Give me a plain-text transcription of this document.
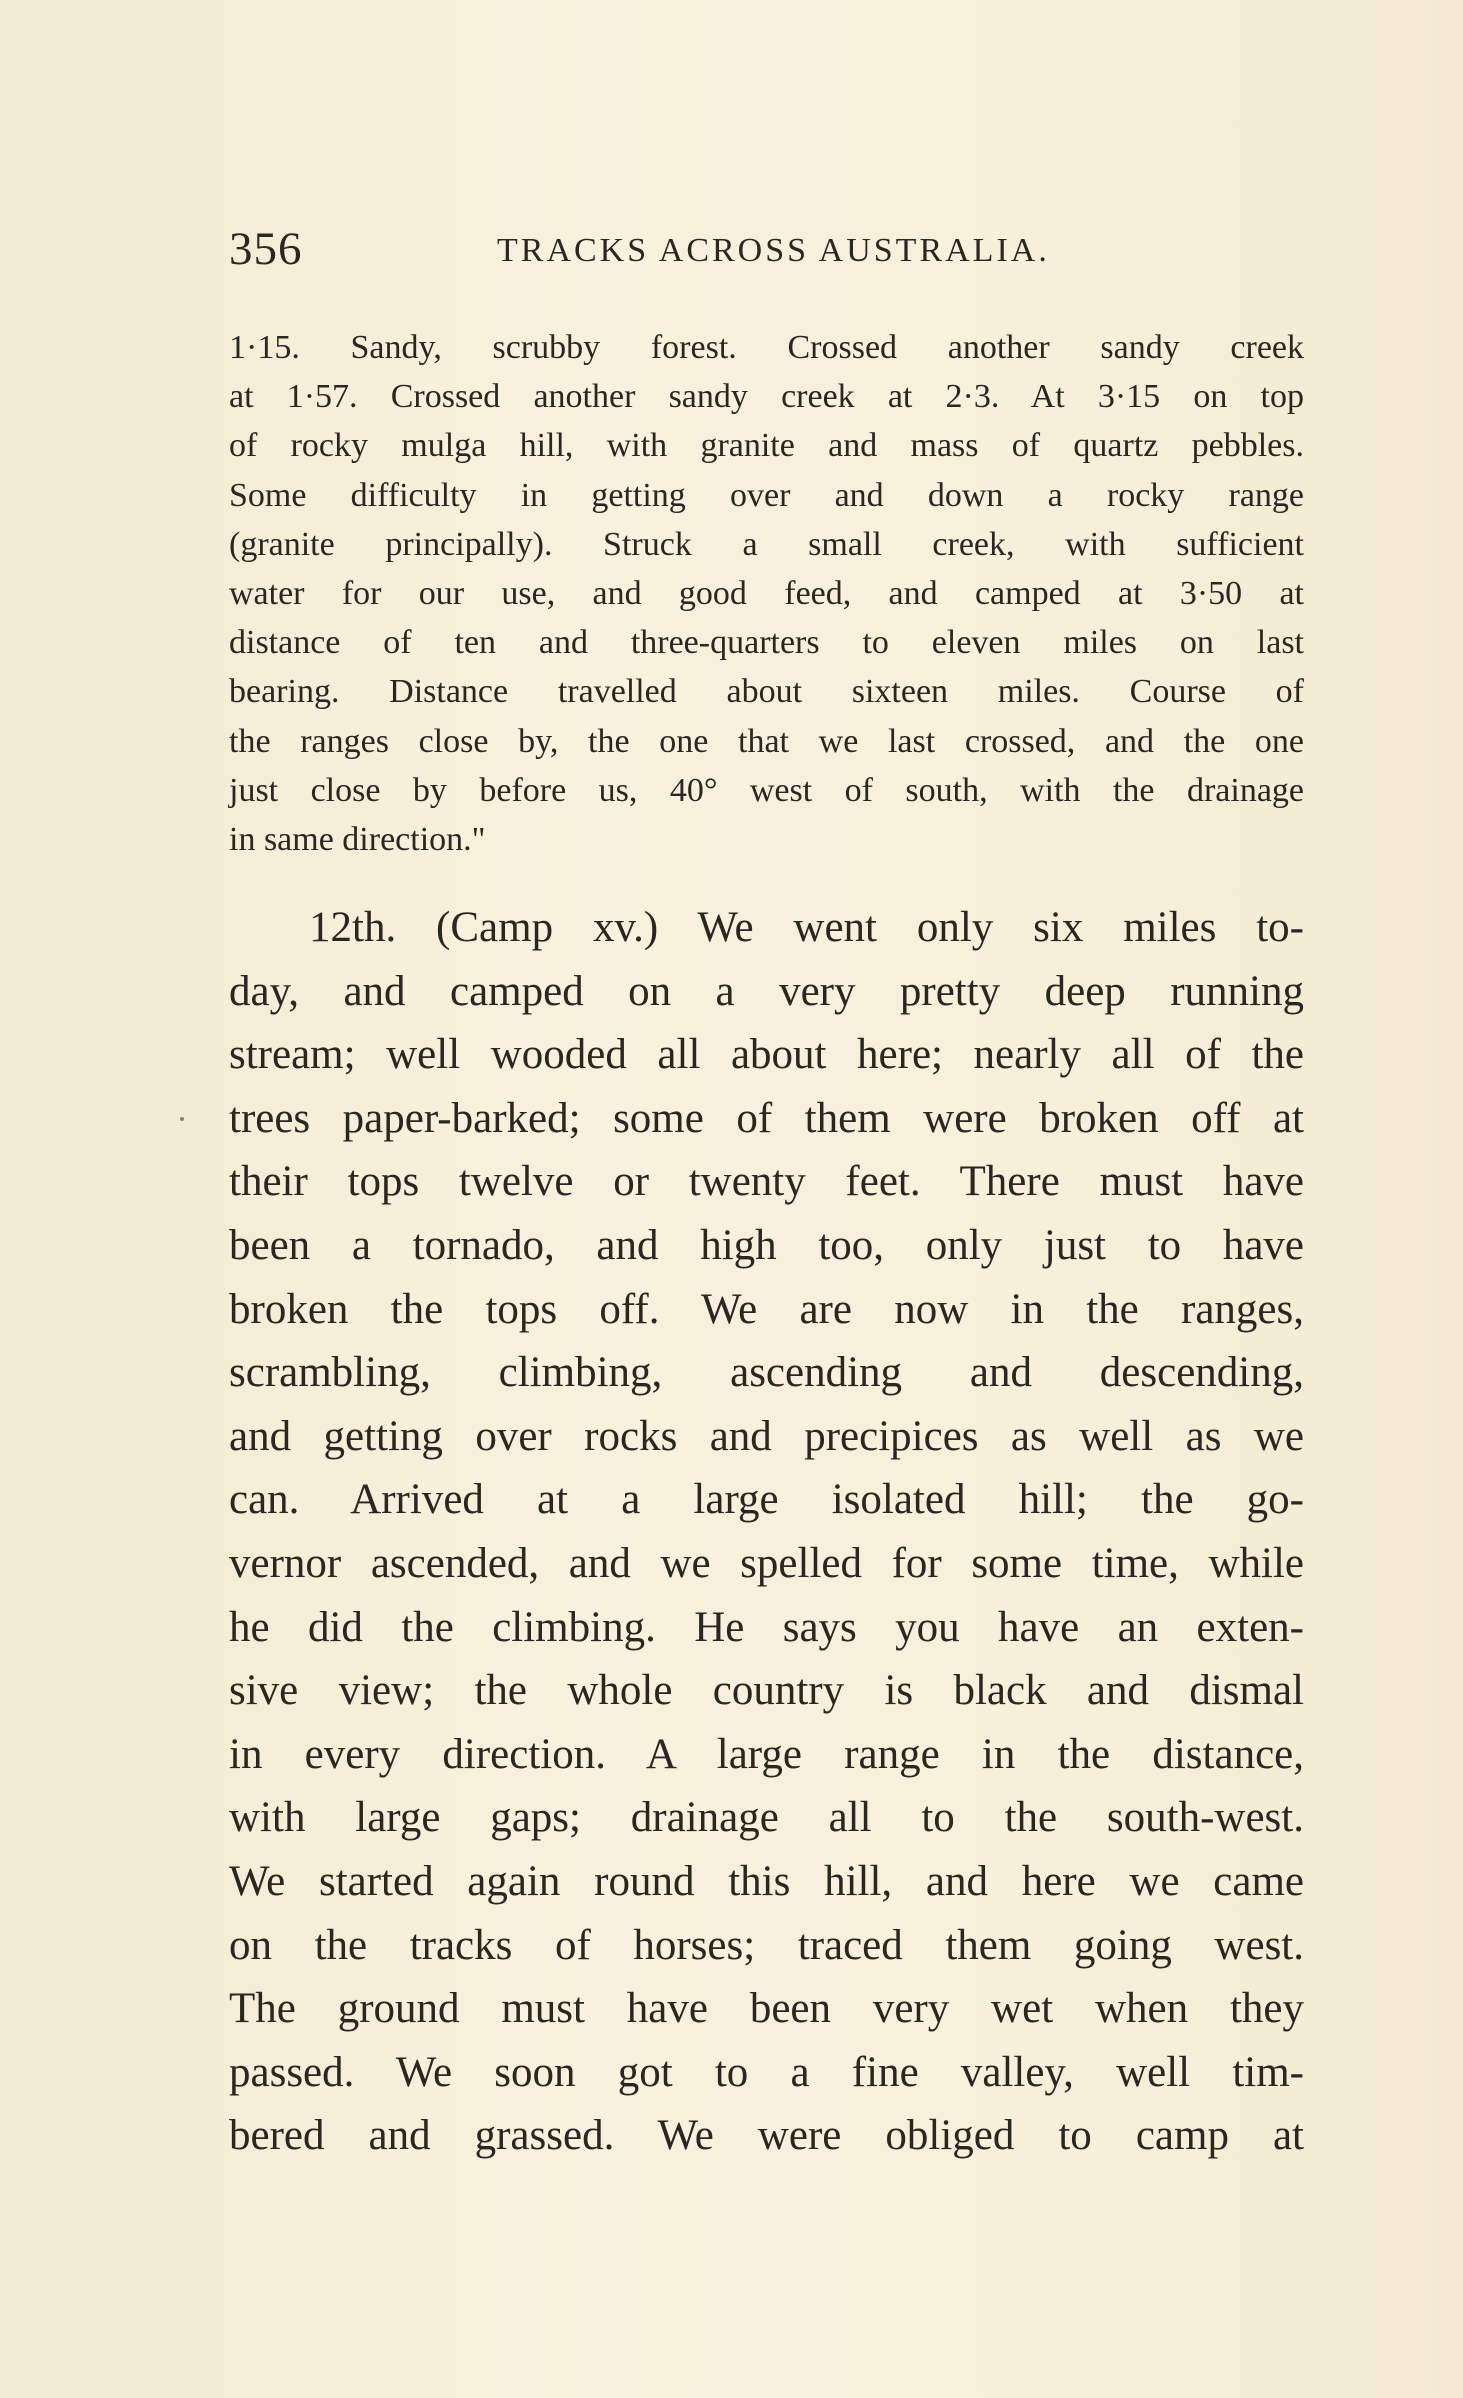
356	TRACKS ACROSS AUSTRALIA.
1·15. Sandy, scrubby forest. Crossed another sandy creek
at 1·57. Crossed another sandy creek at 2·3. At 3·15 on top
of rocky mulga hill, with granite and mass of quartz pebbles.
Some difficulty in getting over and down a rocky range
(granite principally). Struck a small creek, with sufficient
water for our use, and good feed, and camped at 3·50 at
distance of ten and three-quarters to eleven miles on last
bearing. Distance travelled about sixteen miles. Course of
the ranges close by, the one that we last crossed, and the one
just close by before us, 40° west of south, with the drainage
in same direction."
12th. (Camp xv.) We went only six miles to-
day, and camped on a very pretty deep running
stream; well wooded all about here; nearly all of the
trees paper-barked; some of them were broken off at
their tops twelve or twenty feet. There must have
been a tornado, and high too, only just to have
broken the tops off. We are now in the ranges,
scrambling, climbing, ascending and descending,
and getting over rocks and precipices as well as we
can. Arrived at a large isolated hill; the go-
vernor ascended, and we spelled for some time, while
he did the climbing. He says you have an exten-
sive view; the whole country is black and dismal
in every direction. A large range in the distance,
with large gaps; drainage all to the south-west.
We started again round this hill, and here we came
on the tracks of horses; traced them going west.
The ground must have been very wet when they
passed. We soon got to a fine valley, well tim-
bered and grassed. We were obliged to camp at
